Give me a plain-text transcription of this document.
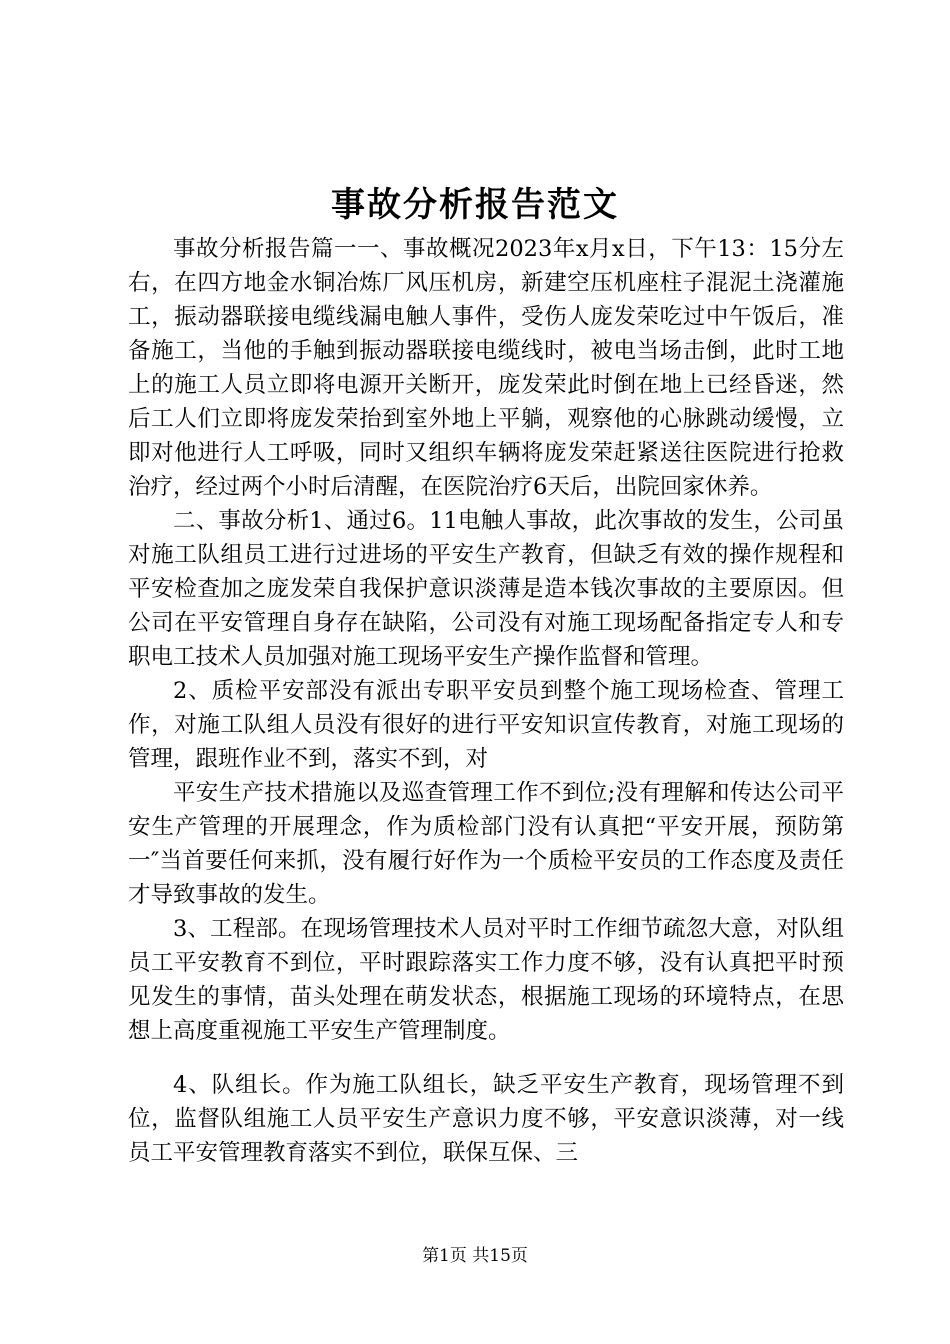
事故分析报告范文

事故分析报告篇一一、事故概况2023年x月x日，下午13：15分左右，在四方地金水铜冶炼厂风压机房，新建空压机座柱子混泥土浇灌施工，振动器联接电缆线漏电触人事件，受伤人庞发荣吃过中午饭后，准备施工，当他的手触到振动器联接电缆线时，被电当场击倒，此时工地上的施工人员立即将电源开关断开，庞发荣此时倒在地上已经昏迷，然后工人们立即将庞发荣抬到室外地上平躺，观察他的心脉跳动缓慢，立即对他进行人工呼吸，同时又组织车辆将庞发荣赶紧送往医院进行抢救治疗，经过两个小时后清醒，在医院治疗6天后，出院回家休养。

二、事故分析1、通过6。11电触人事故，此次事故的发生，公司虽对施工队组员工进行过进场的平安生产教育，但缺乏有效的操作规程和平安检查加之庞发荣自我保护意识淡薄是造本钱次事故的主要原因。但公司在平安管理自身存在缺陷，公司没有对施工现场配备指定专人和专职电工技术人员加强对施工现场平安生产操作监督和管理。

2、质检平安部没有派出专职平安员到整个施工现场检查、管理工作，对施工队组人员没有很好的进行平安知识宣传教育，对施工现场的管理，跟班作业不到，落实不到，对

平安生产技术措施以及巡查管理工作不到位;没有理解和传达公司平安生产管理的开展理念，作为质检部门没有认真把“平安开展，预防第一″当首要任何来抓，没有履行好作为一个质检平安员的工作态度及责任才导致事故的发生。

3、工程部。在现场管理技术人员对平时工作细节疏忽大意，对队组员工平安教育不到位，平时跟踪落实工作力度不够，没有认真把平时预见发生的事情，苗头处理在萌发状态，根据施工现场的环境特点，在思想上高度重视施工平安生产管理制度。

4、队组长。作为施工队组长，缺乏平安生产教育，现场管理不到位，监督队组施工人员平安生产意识力度不够，平安意识淡薄，对一线员工平安管理教育落实不到位，联保互保、三

第1页 共15页
